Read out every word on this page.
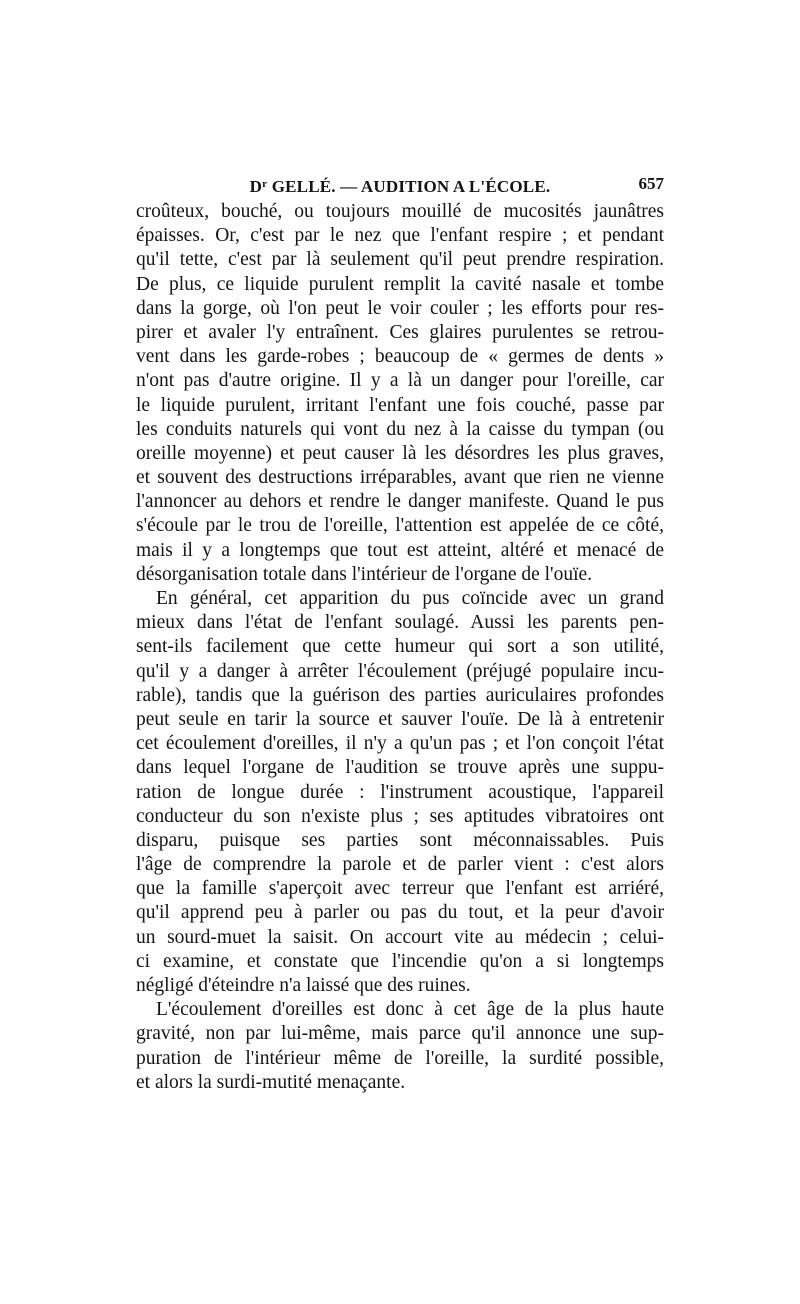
$D^r$ GELLÉ. — AUDITION A L'ÉCOLE.	657
croûteux, bouché, ou toujours mouillé de mucosités jaunâtres
épaisses. Or, c'est par le nez que l'enfant respire ; et pendant
qu'il tette, c'est par là seulement qu'il peut prendre respiration.
De plus, ce liquide purulent remplit la cavité nasale et tombe
dans la gorge, où l'on peut le voir couler ; les efforts pour res-
pirer et avaler l'y entraînent. Ces glaires purulentes se retrou-
vent dans les garde-robes ; beaucoup de « germes de dents »
n'ont pas d'autre origine. Il y a là un danger pour l'oreille, car
le liquide purulent, irritant l'enfant une fois couché, passe par
les conduits naturels qui vont du nez à la caisse du tympan (ou
oreille moyenne) et peut causer là les désordres les plus graves,
et souvent des destructions irréparables, avant que rien ne vienne
l'annoncer au dehors et rendre le danger manifeste. Quand le pus
s'écoule par le trou de l'oreille, l'attention est appelée de ce côté,
mais il y a longtemps que tout est atteint, altéré et menacé de
désorganisation totale dans l'intérieur de l'organe de l'ouïe.
En général, cet apparition du pus coïncide avec un grand
mieux dans l'état de l'enfant soulagé. Aussi les parents pen-
sent-ils facilement que cette humeur qui sort a son utilité,
qu'il y a danger à arrêter l'écoulement (préjugé populaire incu-
rable), tandis que la guérison des parties auriculaires profondes
peut seule en tarir la source et sauver l'ouïe. De là à entretenir
cet écoulement d'oreilles, il n'y a qu'un pas ; et l'on conçoit l'état
dans lequel l'organe de l'audition se trouve après une suppu-
ration de longue durée : l'instrument acoustique, l'appareil
conducteur du son n'existe plus ; ses aptitudes vibratoires ont
disparu, puisque ses parties sont méconnaissables. Puis
l'âge de comprendre la parole et de parler vient : c'est alors
que la famille s'aperçoit avec terreur que l'enfant est arriéré,
qu'il apprend peu à parler ou pas du tout, et la peur d'avoir
un sourd-muet la saisit. On accourt vite au médecin ; celui-
ci examine, et constate que l'incendie qu'on a si longtemps
négligé d'éteindre n'a laissé que des ruines.
L'écoulement d'oreilles est donc à cet âge de la plus haute
gravité, non par lui-même, mais parce qu'il annonce une sup-
puration de l'intérieur même de l'oreille, la surdité possible,
et alors la surdi-mutité menaçante.
